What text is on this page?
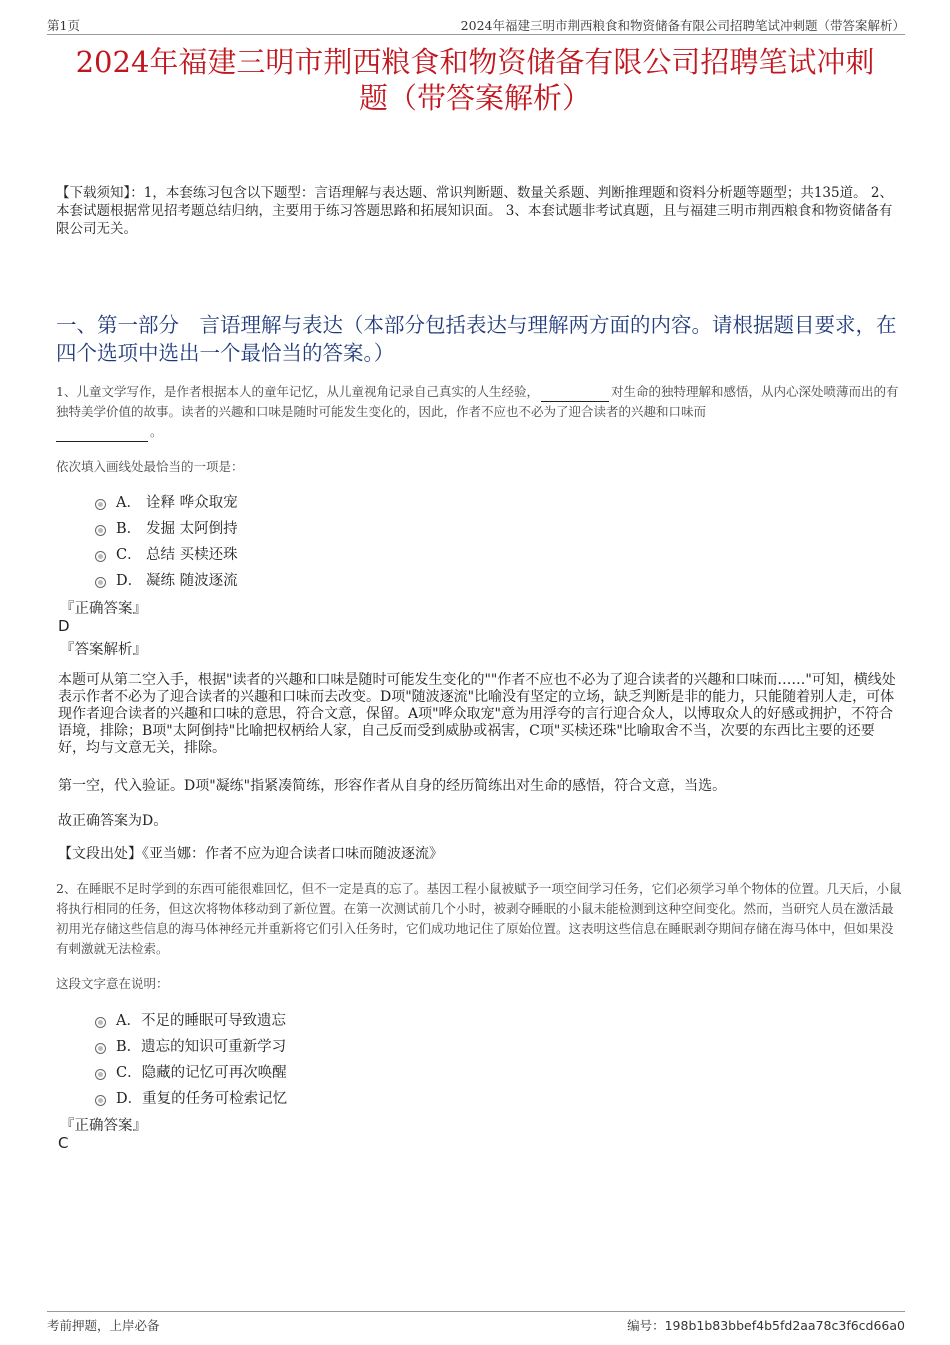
第1页	2024年福建三明市荆西粮食和物资储备有限公司招聘笔试冲刺题（带答案解析）
2024年福建三明市荆西粮食和物资储备有限公司招聘笔试冲刺
题（带答案解析）
【下载须知】：1，本套练习包含以下题型：言语理解与表达题、常识判断题、数量关系题、判断推理题和资料分析题等题型；共135道。 2、本套试题根据常见招考题总结归纳，主要用于练习答题思路和拓展知识面。 3、本套试题非考试真题，且与福建三明市荆西粮食和物资储备有限公司无关。
一、第一部分　言语理解与表达（本部分包括表达与理解两方面的内容。请根据题目要求，在四个选项中选出一个最恰当的答案。）
1、儿童文学写作，是作者根据本人的童年记忆，从儿童视角记录自己真实的人生经验，	对生命的独特理解和感悟，从内心深处喷薄而出的有独特美学价值的故事。读者的兴趣和口味是随时可能发生变化的，因此，作者不应也不必为了迎合读者的兴趣和口味而
。
依次填入画线处最恰当的一项是：
A． 诠释 哗众取宠
B． 发掘 太阿倒持
C． 总结 买椟还珠
D． 凝练 随波逐流
『正确答案』
D
『答案解析』
本题可从第二空入手，根据"读者的兴趣和口味是随时可能发生变化的""作者不应也不必为了迎合读者的兴趣和口味而……"可知，横线处表示作者不必为了迎合读者的兴趣和口味而去改变。D项"随波逐流"比喻没有坚定的立场，缺乏判断是非的能力，只能随着别人走，可体现作者迎合读者的兴趣和口味的意思，符合文意，保留。A项"哗众取宠"意为用浮夸的言行迎合众人，以博取众人的好感或拥护，不符合语境，排除；B项"太阿倒持"比喻把权柄给人家，自己反而受到威胁或祸害，C项"买椟还珠"比喻取舍不当，次要的东西比主要的还要好，均与文意无关，排除。
第一空，代入验证。D项"凝练"指紧凑简练，形容作者从自身的经历简练出对生命的感悟，符合文意，当选。
故正确答案为D。
【文段出处】《亚当娜：作者不应为迎合读者口味而随波逐流》
2、在睡眠不足时学到的东西可能很难回忆，但不一定是真的忘了。基因工程小鼠被赋予一项空间学习任务，它们必须学习单个物体的位置。几天后，小鼠将执行相同的任务，但这次将物体移动到了新位置。在第一次测试前几个小时，被剥夺睡眠的小鼠未能检测到这种空间变化。然而，当研究人员在激活最初用光存储这些信息的海马体神经元并重新将它们引入任务时，它们成功地记住了原始位置。这表明这些信息在睡眠剥夺期间存储在海马体中，但如果没有刺激就无法检索。
这段文字意在说明：
A． 不足的睡眠可导致遗忘
B． 遗忘的知识可重新学习
C． 隐藏的记忆可再次唤醒
D． 重复的任务可检索记忆
『正确答案』
C
考前押题，上岸必备	编号：198b1b83bbef4b5fd2aa78c3f6cd66a0
